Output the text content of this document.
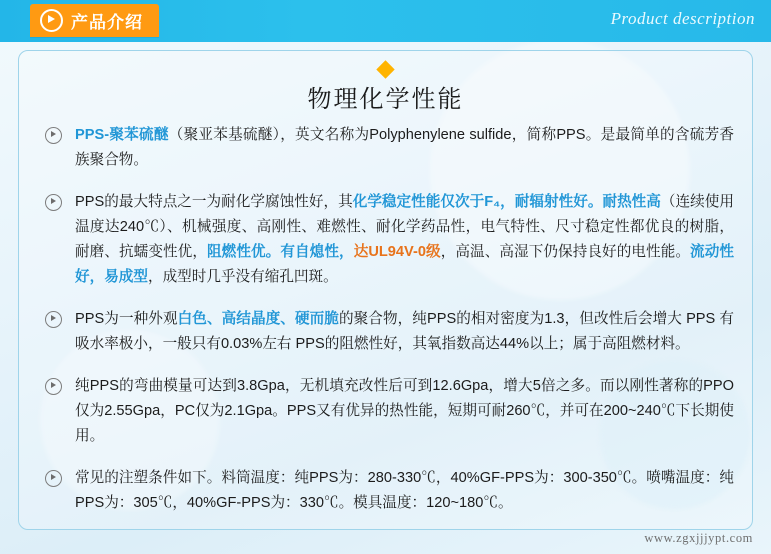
产品介绍	Product description
物理化学性能
PPS-聚苯硫醚（聚亚苯基硫醚），英文名称为Polyphenylene sulfide，简称PPS。是最简单的含硫芳香族聚合物。
PPS的最大特点之一为耐化学腐蚀性好，其化学稳定性能仅次于F₄，耐辐射性好。耐热性高（连续使用温度达240℃）、机械强度、高刚性、难燃性、耐化学药品性，电气特性、尺寸稳定性都优良的树脂，耐磨、抗蠕变性优，阻燃性优。有自熄性，达UL94V-0级，高温、高湿下仍保持良好的电性能。流动性好，易成型，成型时几乎没有缩孔凹斑。
PPS为一种外观白色、高结晶度、硬而脆的聚合物，纯PPS的相对密度为1.3，但改性后会增大 PPS 有吸水率极小，一般只有0.03%左右 PPS的阻燃性好，其氧指数高达44%以上；属于高阻燃材料。
纯PPS的弯曲模量可达到3.8Gpa，无机填充改性后可到12.6Gpa，增大5倍之多。而以刚性著称的PPO仅为2.55Gpa，PC仅为2.1Gpa。PPS又有优异的热性能，短期可耐260℃，并可在200~240℃下长期使用。
常见的注塑条件如下。料筒温度：纯PPS为：280-330℃，40%GF-PPS为：300-350℃。喷嘴温度：纯PPS为：305℃，40%GF-PPS为：330℃。模具温度：120~180℃。
www.zgxjjjypt.com
